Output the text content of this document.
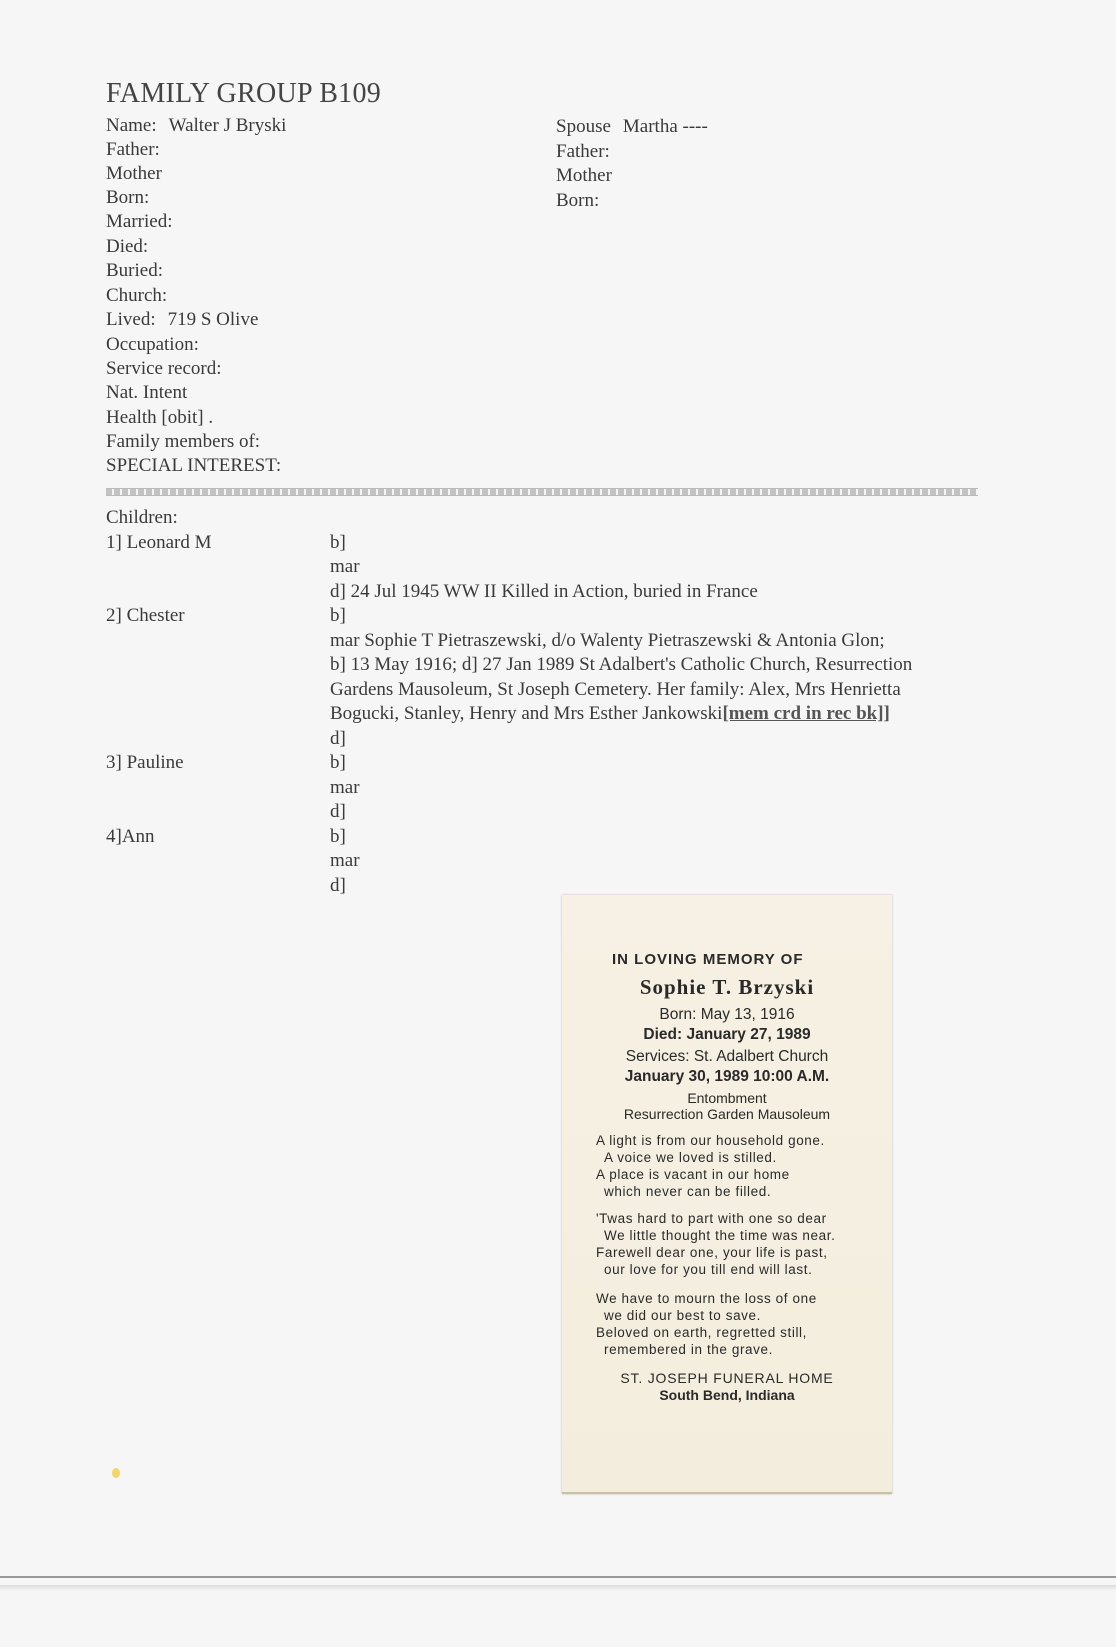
FAMILY GROUP B109
Name: Walter J Bryski
Father:
Mother
Born:
Married:
Died:
Buried:
Church:
Lived: 719 S Olive
Occupation:
Service record:
Nat. Intent
Health [obit] .
Family members of:
SPECIAL INTEREST:
Spouse Martha ----
Father:
Mother
Born:
Children:
1] Leonard M	b]
mar
d] 24 Jul 1945 WW II Killed in Action, buried in France
2] Chester	b]
mar Sophie T Pietraszewski, d/o Walenty Pietraszewski & Antonia Glon;
b] 13 May 1916; d] 27 Jan 1989 St Adalbert's Catholic Church, Resurrection
Gardens Mausoleum, St Joseph Cemetery. Her family: Alex, Mrs Henrietta
Bogucki, Stanley, Henry and Mrs Esther Jankowski[mem crd in rec bk]]
d]
3] Pauline	b]
mar
d]
4]Ann	b]
mar
d]
IN LOVING MEMORY OF
Sophie T. Brzyski
Born: May 13, 1916
Died: January 27, 1989
Services: St. Adalbert Church
January 30, 1989 10:00 A.M.
Entombment
Resurrection Garden Mausoleum
A light is from our household gone.
A voice we loved is stilled.
A place is vacant in our home
which never can be filled.
'Twas hard to part with one so dear
We little thought the time was near.
Farewell dear one, your life is past,
our love for you till end will last.
We have to mourn the loss of one
we did our best to save.
Beloved on earth, regretted still,
remembered in the grave.
ST. JOSEPH FUNERAL HOME
South Bend, Indiana
